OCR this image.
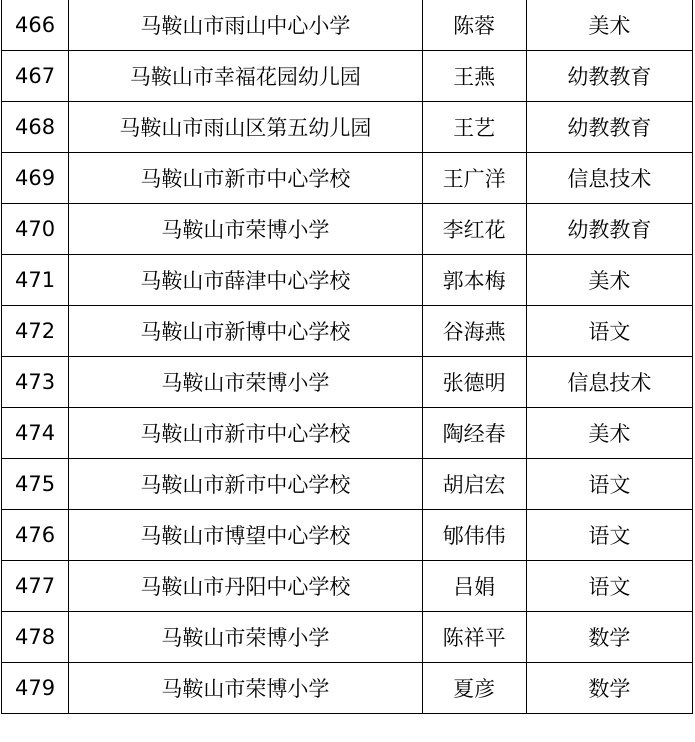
466	马鞍山市雨山中心小学	陈蓉	美术
467	马鞍山市幸福花园幼儿园	王燕	幼教教育
468	马鞍山市雨山区第五幼儿园	王艺	幼教教育
469	马鞍山市新市中心学校	王广洋	信息技术
470	马鞍山市荣博小学	李红花	幼教教育
471	马鞍山市薛津中心学校	郭本梅	美术
472	马鞍山市新博中心学校	谷海燕	语文
473	马鞍山市荣博小学	张德明	信息技术
474	马鞍山市新市中心学校	陶经春	美术
475	马鞍山市新市中心学校	胡启宏	语文
476	马鞍山市博望中心学校	郇伟伟	语文
477	马鞍山市丹阳中心学校	吕娟	语文
478	马鞍山市荣博小学	陈祥平	数学
479	马鞍山市荣博小学	夏彦	数学
